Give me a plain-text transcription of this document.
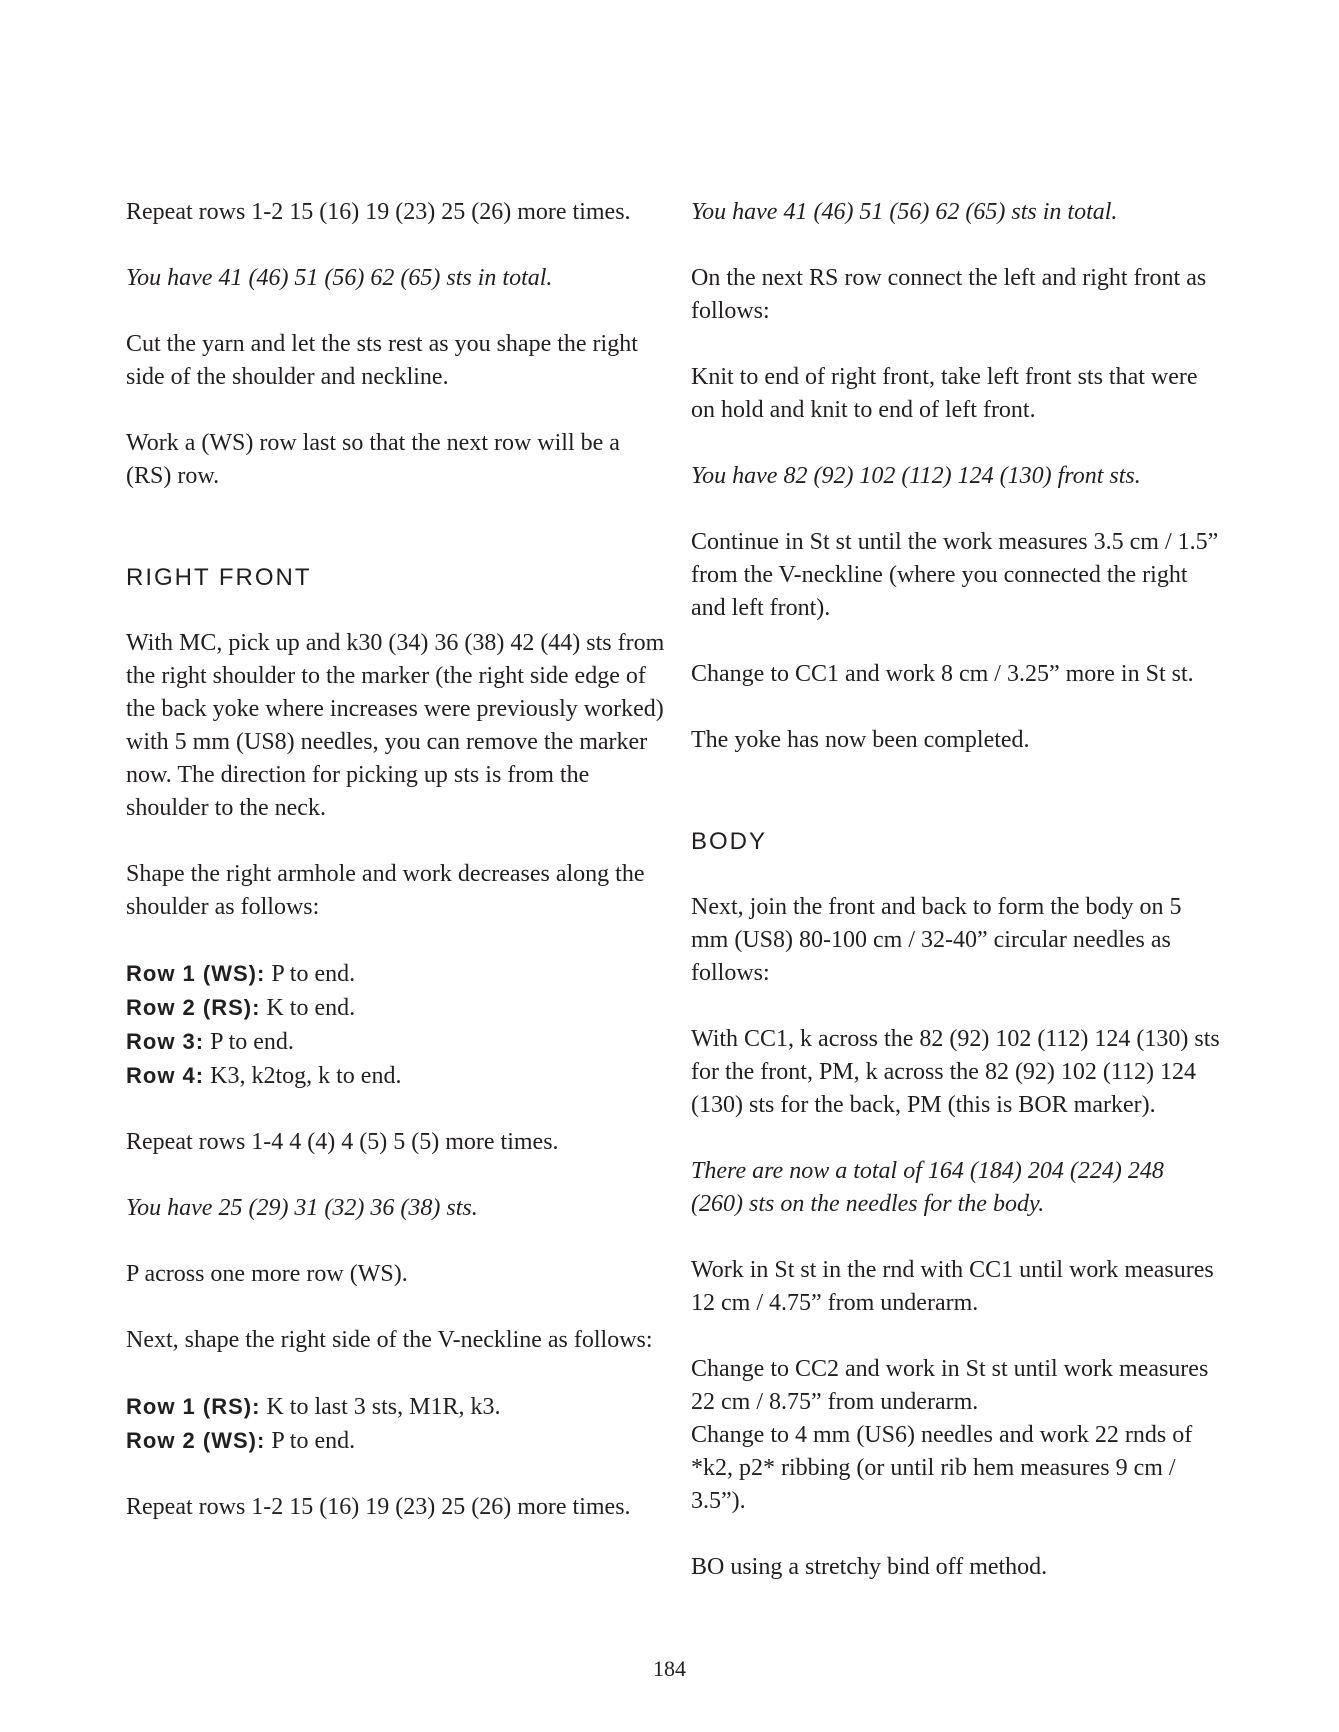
Repeat rows 1-2 15 (16) 19 (23) 25 (26) more times.

You have 41 (46) 51 (56) 62 (65) sts in total.

Cut the yarn and let the sts rest as you shape the right side of the shoulder and neckline.

Work a (WS) row last so that the next row will be a (RS) row.

RIGHT FRONT

With MC, pick up and k30 (34) 36 (38) 42 (44) sts from the right shoulder to the marker (the right side edge of the back yoke where increases were previously worked) with 5 mm (US8) needles, you can remove the marker now. The direction for picking up sts is from the shoulder to the neck.

Shape the right armhole and work decreases along the shoulder as follows:

Row 1 (WS): P to end.
Row 2 (RS): K to end.
Row 3: P to end.
Row 4: K3, k2tog, k to end.

Repeat rows 1-4 4 (4) 4 (5) 5 (5) more times.

You have 25 (29) 31 (32) 36 (38) sts.

P across one more row (WS).

Next, shape the right side of the V-neckline as follows:

Row 1 (RS): K to last 3 sts, M1R, k3.
Row 2 (WS): P to end.

Repeat rows 1-2 15 (16) 19 (23) 25 (26) more times.

You have 41 (46) 51 (56) 62 (65) sts in total.

On the next RS row connect the left and right front as follows:

Knit to end of right front, take left front sts that were on hold and knit to end of left front.

You have 82 (92) 102 (112) 124 (130) front sts.

Continue in St st until the work measures 3.5 cm / 1.5” from the V-neckline (where you connected the right and left front).

Change to CC1 and work 8 cm / 3.25” more in St st.

The yoke has now been completed.

BODY

Next, join the front and back to form the body on 5 mm (US8) 80-100 cm / 32-40” circular needles as follows:

With CC1, k across the 82 (92) 102 (112) 124 (130) sts for the front, PM, k across the 82 (92) 102 (112) 124 (130) sts for the back, PM (this is BOR marker).

There are now a total of 164 (184) 204 (224) 248 (260) sts on the needles for the body.

Work in St st in the rnd with CC1 until work measures 12 cm / 4.75” from underarm.

Change to CC2 and work in St st until work measures 22 cm / 8.75” from underarm.

Change to 4 mm (US6) needles and work 22 rnds of *k2, p2* ribbing (or until rib hem measures 9 cm / 3.5”).

BO using a stretchy bind off method.

184
